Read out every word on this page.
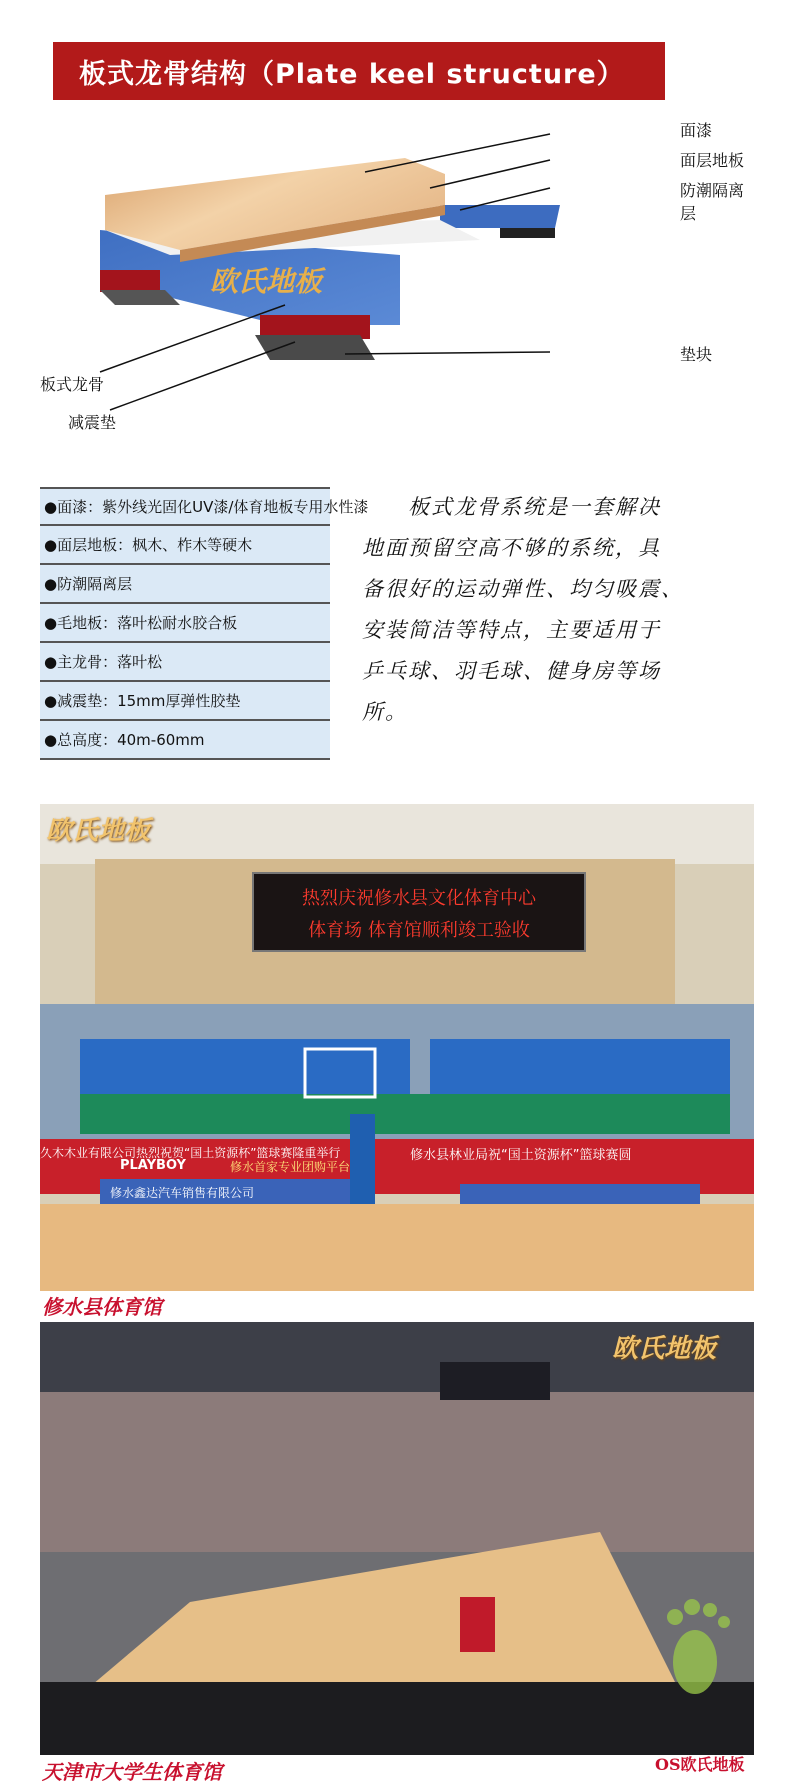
板式龙骨结构（Plate keel structure）
欧氏地板
面漆
面层地板
防潮隔离层
垫块
板式龙骨
减震垫
●面漆：紫外线光固化UV漆/体育地板专用水性漆
●面层地板：枫木、柞木等硬木
●防潮隔离层
●毛地板：落叶松耐水胶合板
●主龙骨：落叶松
●减震垫：15mm厚弹性胶垫
●总高度：40m-60mm
　　板式龙骨系统是一套解决
地面预留空高不够的系统，具
备很好的运动弹性、均匀吸震、
安装简洁等特点，主要适用于
乒乓球、羽毛球、健身房等场
所。
热烈庆祝修水县文化体育中心
体育场 体育馆顺利竣工验收
久木木业有限公司热烈祝贺“国土资源杯”篮球赛隆重举行	修水县林业局祝“国土资源杯”篮球赛圆
PLAYBOY	修水首家专业团购平台
修水鑫达汽车销售有限公司
欧氏地板
修水县体育馆
欧氏地板
天津市大学生体育馆	OS欧氏地板
